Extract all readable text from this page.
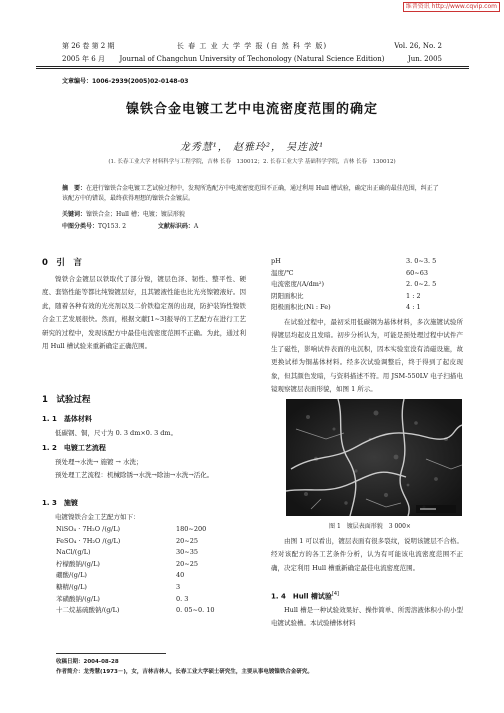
维普资讯 http://www.cqvip.com
第 26 卷 第 2 期	长 春 工 业 大 学 学 报 (自 然 科 学 版)	Vol. 26, No. 2
2005 年 6 月	Journal of Changchun University of Techonology (Natural Science Edition)	Jun. 2005
文章编号：1006-2939(2005)02-0148-03
镍铁合金电镀工艺中电流密度范围的确定
龙秀慧¹， 赵雅玲²， 吴连波¹
(1. 长春工业大学 材料科学与工程学院，吉林 长春　130012；2. 长春工业大学 基础科学学院，吉林 长春　130012)
摘　要：在进行镍铁合金电镀工艺试验过程中，发现所选配方中电流密度范围不正确，通过利用 Hull 槽试验，确定出正确的最佳范围，纠正了该配方中的错误，最终获得理想的镍铁合金镀层。
关键词：镍铁合金；Hull 槽；电镀；镀层形貌
中图分类号：TQ153. 2	文献标识码：A
0　引　言
镍铁合金镀层以铁取代了部分镍，镀层色泽、韧性、整平性、硬度、套铬性能等都比纯镍镀层好，且其镀液性能也比光亮镍镀液好。因此，随着各种有效的光亮剂以及二价铁稳定剂的出现，防护装饰性镍铁合金工艺发展很快。然而，根据文献[1~3]报导的工艺配方在进行工艺研究的过程中，发现该配方中最佳电流密度范围不正确。为此，通过利用 Hull 槽试验来重新确定正确范围。
1　试验过程
1. 1　基体材料
低碳钢、铜，尺寸为 0. 3 dm×0. 3 dm。
1. 2　电镀工艺流程
预处理→水洗→ 施镀 → 水洗；
预处理工艺流程：机械除锈→水洗→除油→水洗→活化。
1. 3　施镀
电镀镍铁合金工艺配方如下：
NiSO₄ · 7H₂O /(g/L)	180~200
FeSO₄ · 7H₂O /(g/L)	20~25
NaCl/(g/L)	30~35
柠檬酸钠/(g/L)	20~25
硼酸/(g/L)	40
糖精/(g/L)	3
苯磺酸钠/(g/L)	0. 3
十二烷基硫酸钠/(g/L)	0. 05~0. 10
pH	3. 0~3. 5
温度/℃	60~63
电流密度/(A/dm²)	2. 0~2. 5
阴阳面积比	1 : 2
阳极面积比(Ni : Fe)	4 : 1
在试验过程中，最初采用低碳钢为基体材料，多次施镀试验所得镀层均起皮且发暗。初步分析认为，可能是预处理过程中试件产生了磁性，影响试件表面的电沉积，因本实验室没有消磁设施，故更换试样为铜基体材料。经多次试验调整后，终于得到了起皮现象，但其颜色发暗，与资料描述不符。用 JSM-550LV 电子扫描电镜观察镀层表面形貌，如图 1 所示。
图 1　镀层表面形貌　3 000×
由图 1 可以看出，镀层表面有很多裂纹，说明该镀层不合格。经对该配方的各工艺条件分析，认为有可能该电流密度范围不正确，决定利用 Hull 槽重新确定最佳电流密度范围。
1. 4　Hull 槽试验[4]
Hull 槽是一种试验效果好、操作简单、所需溶液体积小的小型电镀试验槽。本试验槽体材料
收稿日期：2004-08-28
作者简介：龙秀慧(1973－)，女，吉林吉林人，长春工业大学硕士研究生，主要从事电镀镍铁合金研究。
